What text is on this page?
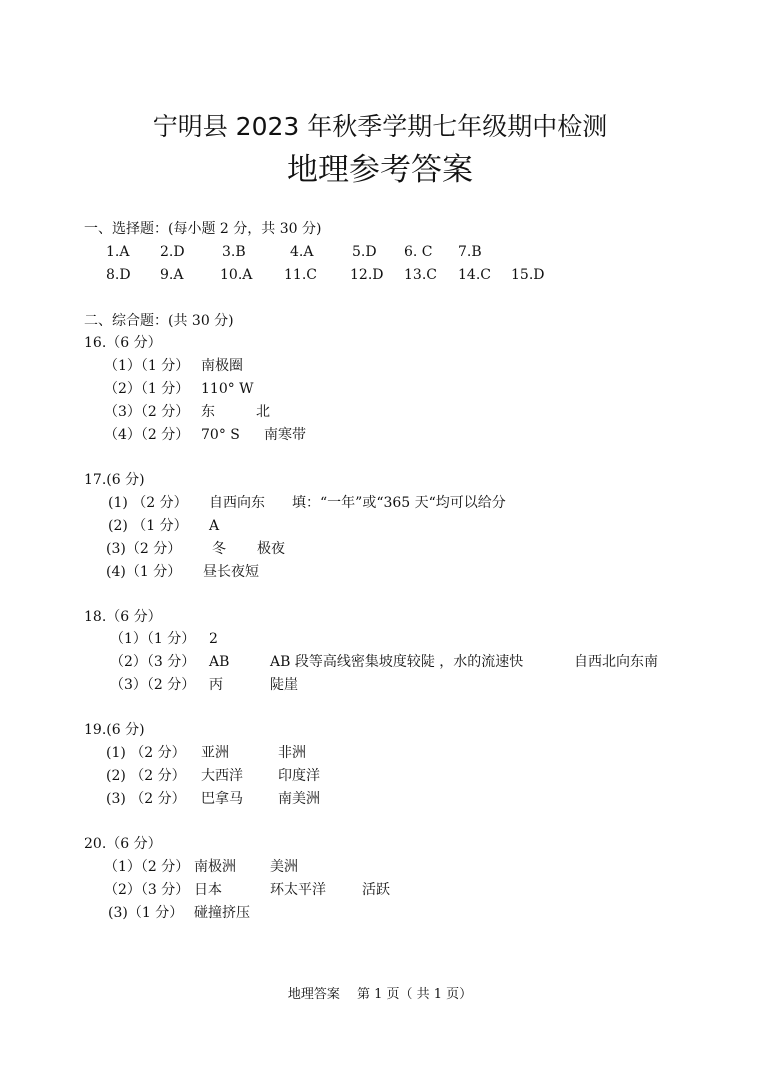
宁明县 2023 年秋季学期七年级期中检测
地理参考答案
一、选择题：(每小题 2 分，共 30 分)
1.A 2.D	3.B	4.A	5.D 6. C 7.B
8.D 9.A	10.A 11.C 12.D 13.C 14.C 15.D
二、综合题：(共 30 分)
16.（6 分）
（1）（1 分） 南极圈
（2）（1 分） 110° W
（3）（2 分） 东	北
（4）（2 分） 70° S 南寒带
17.(6 分)
(1) （2 分） 自西向东 填：“一年”或“365 天“均可以给分
(2) （1 分） A
(3)（2 分） 冬 极夜
(4)（1 分） 昼长夜短
18.（6 分）
（1）（1 分） 2
（2）（3 分） AB	AB 段等高线密集坡度较陡 ，水的流速快	自西北向东南
（3）（2 分） 丙	陡崖
19.(6 分)
(1) （2 分） 亚洲	非洲
(2) （2 分） 大西洋	印度洋
(3) （2 分） 巴拿马	南美洲
20.（6 分）
（1）（2 分） 南极洲 美洲
（2）（3 分） 日本	环太平洋	活跃
(3)（1 分） 碰撞挤压
地理答案　 第 1 页（ 共 1 页）
